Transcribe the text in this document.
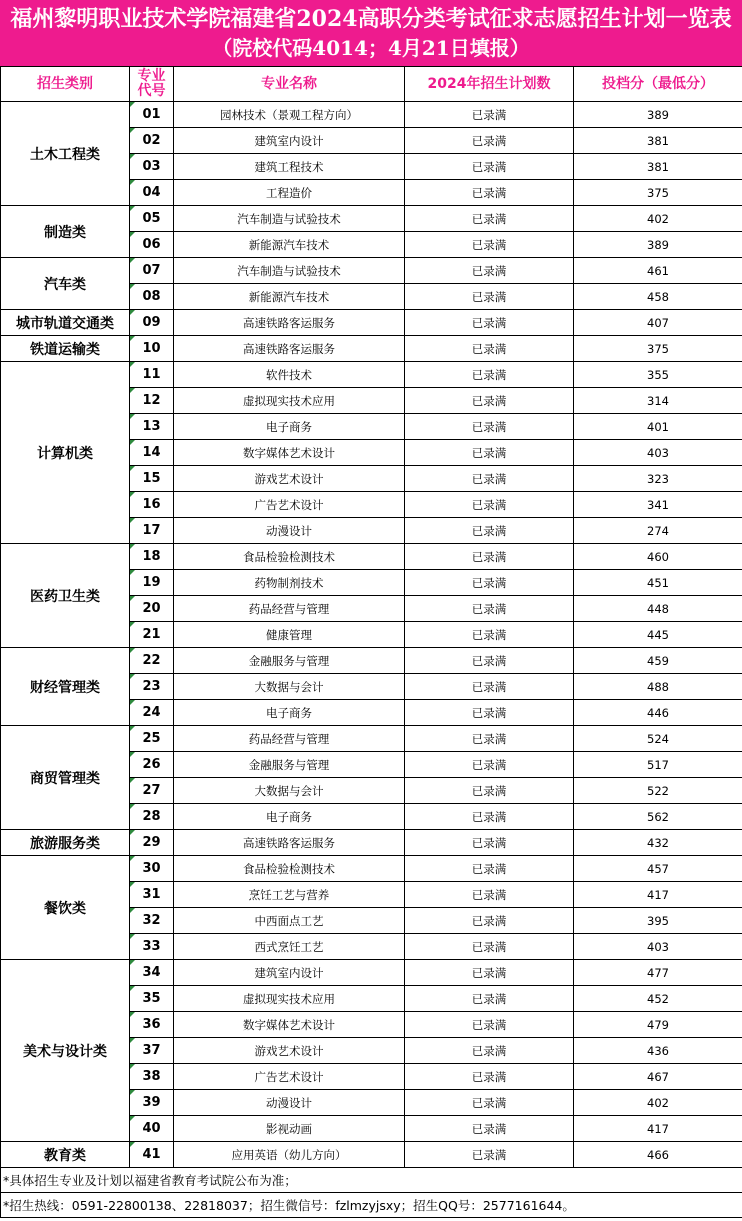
福州黎明职业技术学院福建省2024高职分类考试征求志愿招生计划一览表
（院校代码4014；4月21日填报）
招生类别	专业代号	专业名称	2024年招生计划数	投档分（最低分）
土木工程类	01	园林技术（景观工程方向）	已录满	389
	02	建筑室内设计	已录满	381
	03	建筑工程技术	已录满	381
	04	工程造价	已录满	375
制造类	05	汽车制造与试验技术	已录满	402
	06	新能源汽车技术	已录满	389
汽车类	07	汽车制造与试验技术	已录满	461
	08	新能源汽车技术	已录满	458
城市轨道交通类	09	高速铁路客运服务	已录满	407
铁道运输类	10	高速铁路客运服务	已录满	375
计算机类	11	软件技术	已录满	355
	12	虚拟现实技术应用	已录满	314
	13	电子商务	已录满	401
	14	数字媒体艺术设计	已录满	403
	15	游戏艺术设计	已录满	323
	16	广告艺术设计	已录满	341
	17	动漫设计	已录满	274
医药卫生类	18	食品检验检测技术	已录满	460
	19	药物制剂技术	已录满	451
	20	药品经营与管理	已录满	448
	21	健康管理	已录满	445
财经管理类	22	金融服务与管理	已录满	459
	23	大数据与会计	已录满	488
	24	电子商务	已录满	446
商贸管理类	25	药品经营与管理	已录满	524
	26	金融服务与管理	已录满	517
	27	大数据与会计	已录满	522
	28	电子商务	已录满	562
旅游服务类	29	高速铁路客运服务	已录满	432
餐饮类	30	食品检验检测技术	已录满	457
	31	烹饪工艺与营养	已录满	417
	32	中西面点工艺	已录满	395
	33	西式烹饪工艺	已录满	403
美术与设计类	34	建筑室内设计	已录满	477
	35	虚拟现实技术应用	已录满	452
	36	数字媒体艺术设计	已录满	479
	37	游戏艺术设计	已录满	436
	38	广告艺术设计	已录满	467
	39	动漫设计	已录满	402
	40	影视动画	已录满	417
教育类	41	应用英语（幼儿方向）	已录满	466
*具体招生专业及计划以福建省教育考试院公布为准；				
*招生热线：0591-22800138、22818037；招生微信号：fzlmzyjsxy；招生QQ号：2577161644。				
